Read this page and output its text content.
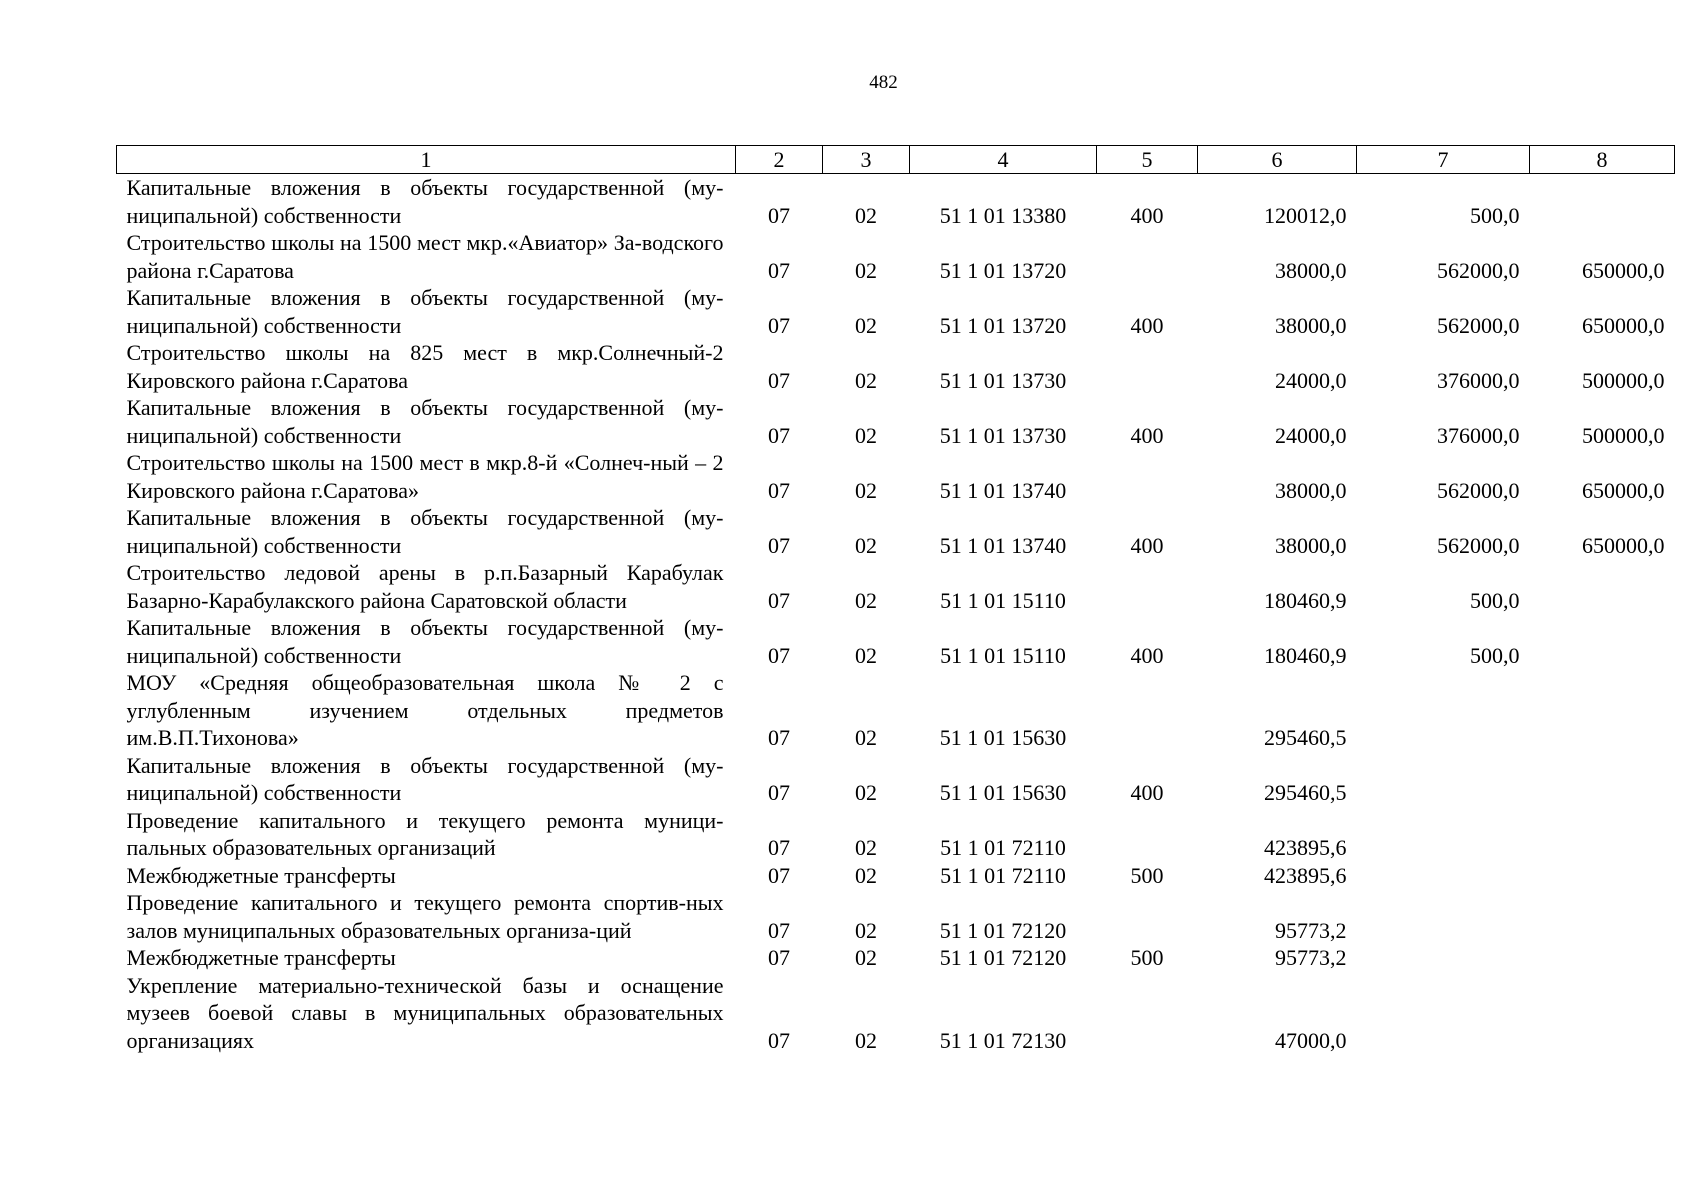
482
1	2	3	4	5	6	7	8
Капитальные вложения в объекты государственной (му-ниципальной) собственности	07	02	51 1 01 13380	400	120012,0	500,0	
Строительство школы на 1500 мест мкр.«Авиатор» За-водского района г.Саратова	07	02	51 1 01 13720		38000,0	562000,0	650000,0
Капитальные вложения в объекты государственной (му-ниципальной) собственности	07	02	51 1 01 13720	400	38000,0	562000,0	650000,0
Строительство школы на 825 мест в мкр.Солнечный-2 Кировского района г.Саратова	07	02	51 1 01 13730		24000,0	376000,0	500000,0
Капитальные вложения в объекты государственной (му-ниципальной) собственности	07	02	51 1 01 13730	400	24000,0	376000,0	500000,0
Строительство школы на 1500 мест в мкр.8-й «Солнеч-ный – 2 Кировского района г.Саратова»	07	02	51 1 01 13740		38000,0	562000,0	650000,0
Капитальные вложения в объекты государственной (му-ниципальной) собственности	07	02	51 1 01 13740	400	38000,0	562000,0	650000,0
Строительство ледовой арены в р.п.Базарный Карабулак Базарно-Карабулакского района Саратовской области	07	02	51 1 01 15110		180460,9	500,0	
Капитальные вложения в объекты государственной (му-ниципальной) собственности	07	02	51 1 01 15110	400	180460,9	500,0	
МОУ «Средняя общеобразовательная школа № 2 с углубленным изучением отдельных предметов им.В.П.Тихонова»	07	02	51 1 01 15630		295460,5		
Капитальные вложения в объекты государственной (му-ниципальной) собственности	07	02	51 1 01 15630	400	295460,5		
Проведение капитального и текущего ремонта муници-пальных образовательных организаций	07	02	51 1 01 72110		423895,6		
Межбюджетные трансферты	07	02	51 1 01 72110	500	423895,6		
Проведение капитального и текущего ремонта спортив-ных залов муниципальных образовательных организа-ций	07	02	51 1 01 72120		95773,2		
Межбюджетные трансферты	07	02	51 1 01 72120	500	95773,2		
Укрепление материально-технической базы и оснащение музеев боевой славы в муниципальных образовательных организациях	07	02	51 1 01 72130		47000,0		
